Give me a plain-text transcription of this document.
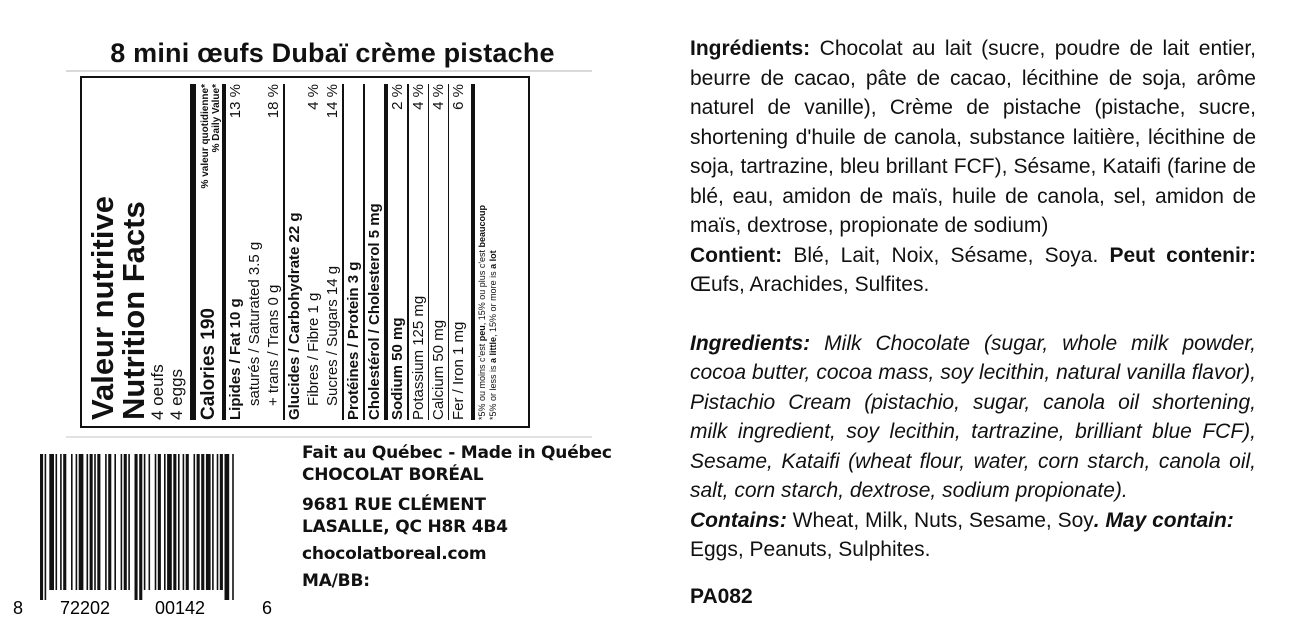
8 mini œufs Dubaï crème pistache
Valeur nutritive
Nutrition Facts
4 oeufs 4 eggs Calories 190
% valeur quotidienne*
% Daily Value*
Lipides / Fat 10 g
13 %
saturés / Saturated 3.5 g + trans / Trans 0 g
18 %
Glucides / Carbohydrate 22 g Fibres / Fibre 1 g
4 %
Sucres / Sugars 14 g
14 %
Protéines / Protein 3 g Cholestérol / Cholesterol 5 mg Sodium 50 mg
2 %
Potassium 125 mg
4 %
Calcium 50 mg
4 %
Fer / Iron 1 mg
6 %
*5% ou moins c'est peu, 15% ou plus c'est beaucoup
*5% or less is a little, 15% or more is a lot
8 72202 00142	6
Fait au Québec - Made in Québec
CHOCOLAT BORÉAL
9681 RUE CLÉMENT
LASALLE, QC H8R 4B4
chocolatboreal.com
MA/BB:

Ingrédients: Chocolat au lait (sucre, poudre de lait entier, beurre de cacao, pâte de cacao, lécithine de soja, arôme naturel de vanille), Crème de pistache (pistache, sucre, shortening d'huile de canola, substance laitière, lécithine de soja, tartrazine, bleu brillant FCF), Sésame, Kataifi (farine de blé, eau, amidon de maïs, huile de canola, sel, amidon de maïs, dextrose, propionate de sodium)
Contient: Blé, Lait, Noix, Sésame, Soya. Peut contenir: Œufs, Arachides, Sulfites.

Ingredients: Milk Chocolate (sugar, whole milk powder, cocoa butter, cocoa mass, soy lecithin, natural vanilla flavor), Pistachio Cream (pistachio, sugar, canola oil shortening, milk ingredient, soy lecithin, tartrazine, brilliant blue FCF), Sesame, Kataifi (wheat flour, water, corn starch, canola oil, salt, corn starch, dextrose, sodium propionate).
Contains: Wheat, Milk, Nuts, Sesame, Soy. May contain:
Eggs, Peanuts, Sulphites.

PA082
